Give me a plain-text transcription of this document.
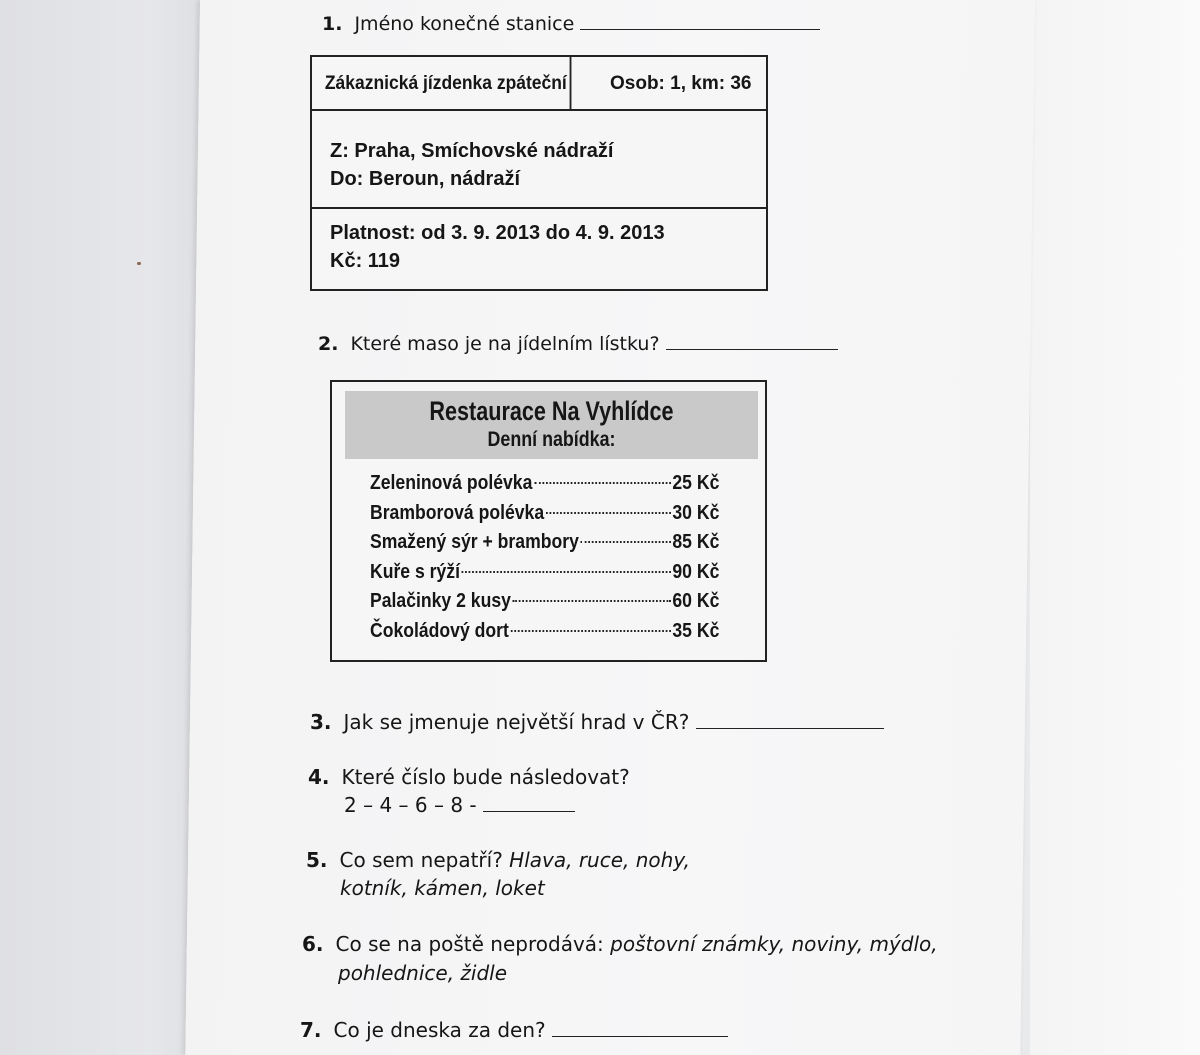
1. Jméno konečné stanice
Zákaznická jízdenka zpáteční	Osob: 1, km: 36
Z: Praha, Smíchovské nádraží
Do: Beroun, nádraží
Platnost: od 3. 9. 2013 do 4. 9. 2013
Kč: 119
2. Které maso je na jídelním lístku?
Restaurace Na Vyhlídce
Denní nabídka:
Zeleninová polévka	25 Kč
Bramborová polévka	30 Kč
Smažený sýr + brambory	85 Kč
Kuře s rýží	90 Kč
Palačinky 2 kusy	60 Kč
Čokoládový dort	35 Kč
3. Jak se jmenuje největší hrad v ČR?
4. Které číslo bude následovat?
2 – 4 – 6 – 8 -
5. Co sem nepatří? Hlava, ruce, nohy,
kotník, kámen, loket
6. Co se na poště neprodává: poštovní známky, noviny, mýdlo,
pohlednice, židle
7. Co je dneska za den?
